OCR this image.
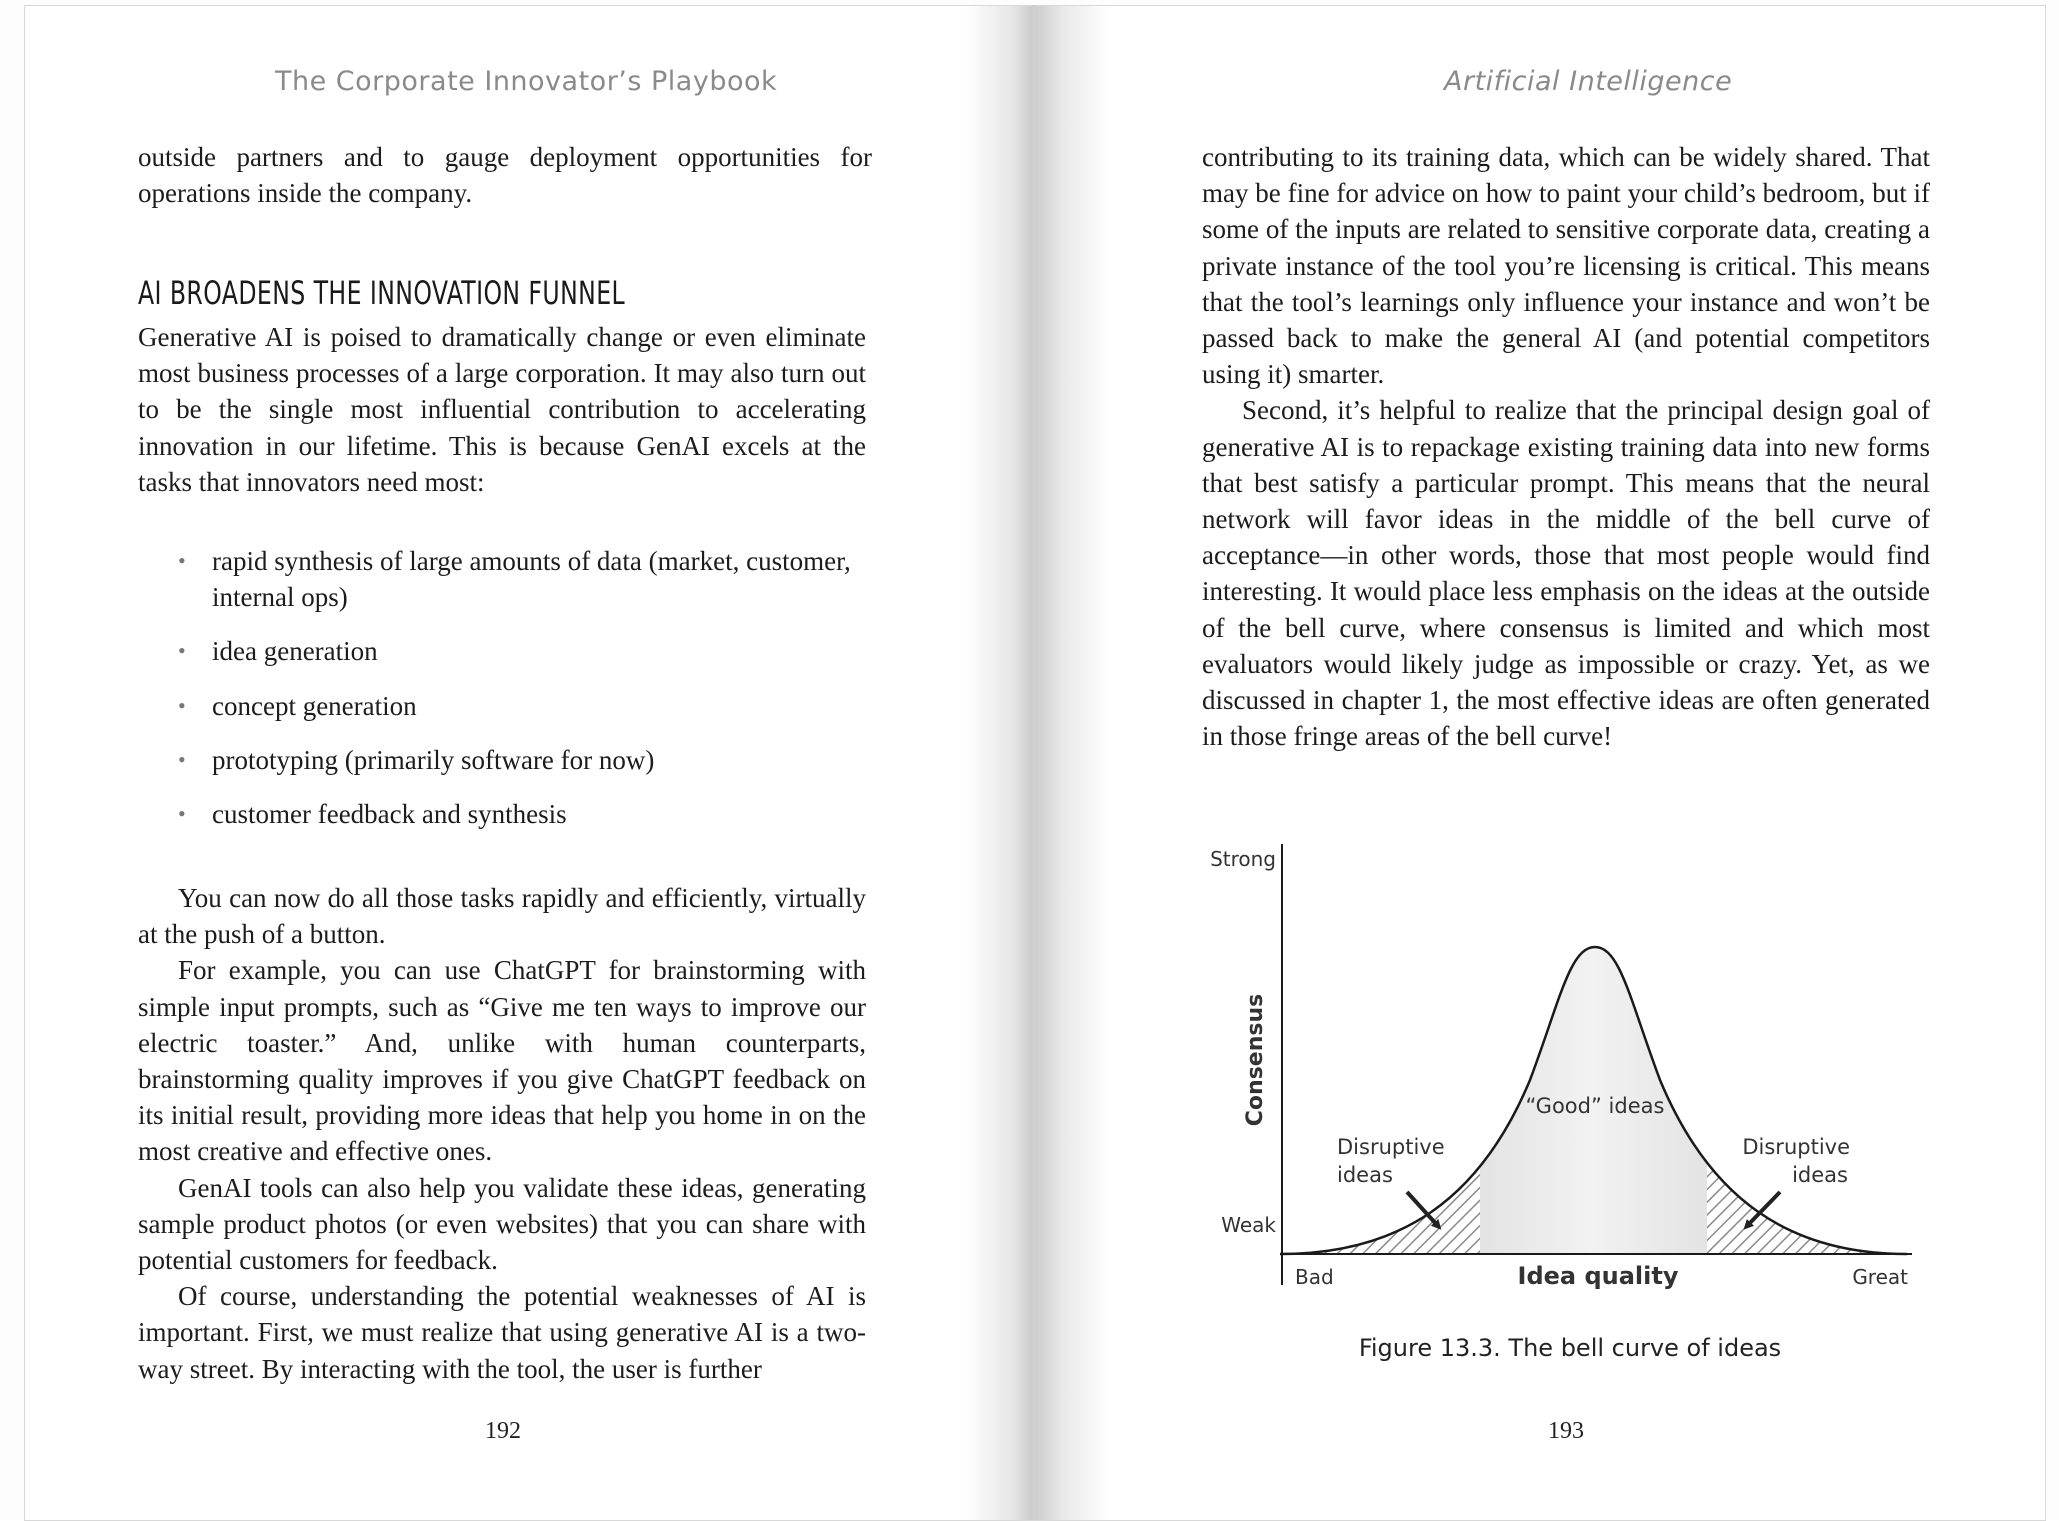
The Corporate Innovator’s Playbook

outside partners and to gauge deployment opportunities for operations inside the company.

AI BROADENS THE INNOVATION FUNNEL

Generative AI is poised to dramatically change or even eliminate most business processes of a large corporation. It may also turn out to be the single most influential contribution to accelerating innovation in our lifetime. This is because GenAI excels at the tasks that innovators need most:

• rapid synthesis of large amounts of data (market, customer, internal ops)
• idea generation
• concept generation
• prototyping (primarily software for now)
• customer feedback and synthesis

You can now do all those tasks rapidly and efficiently, virtually at the push of a button.

For example, you can use ChatGPT for brainstorming with simple input prompts, such as “Give me ten ways to improve our electric toaster.” And, unlike with human counterparts, brainstorming quality improves if you give ChatGPT feedback on its initial result, providing more ideas that help you home in on the most creative and effective ones.

GenAI tools can also help you validate these ideas, generating sample product photos (or even websites) that you can share with potential customers for feedback.

Of course, understanding the potential weaknesses of AI is important. First, we must realize that using generative AI is a two-way street. By interacting with the tool, the user is further

192
Artificial Intelligence

contributing to its training data, which can be widely shared. That may be fine for advice on how to paint your child’s bedroom, but if some of the inputs are related to sensitive corporate data, creating a private instance of the tool you’re licensing is critical. This means that the tool’s learnings only influence your instance and won’t be passed back to make the general AI (and potential competitors using it) smarter.

Second, it’s helpful to realize that the principal design goal of generative AI is to repackage existing training data into new forms that best satisfy a particular prompt. This means that the neural network will favor ideas in the middle of the bell curve of acceptance—in other words, those that most people would find interesting. It would place less emphasis on the ideas at the outside of the bell curve, where consensus is limited and which most evaluators would likely judge as impossible or crazy. Yet, as we discussed in chapter 1, the most effective ideas are often generated in those fringe areas of the bell curve!

Strong
Weak
Consensus
Bad	Idea quality	Great
“Good” ideas
Disruptive
ideas
Disruptive
ideas
Figure 13.3. The bell curve of ideas
193
